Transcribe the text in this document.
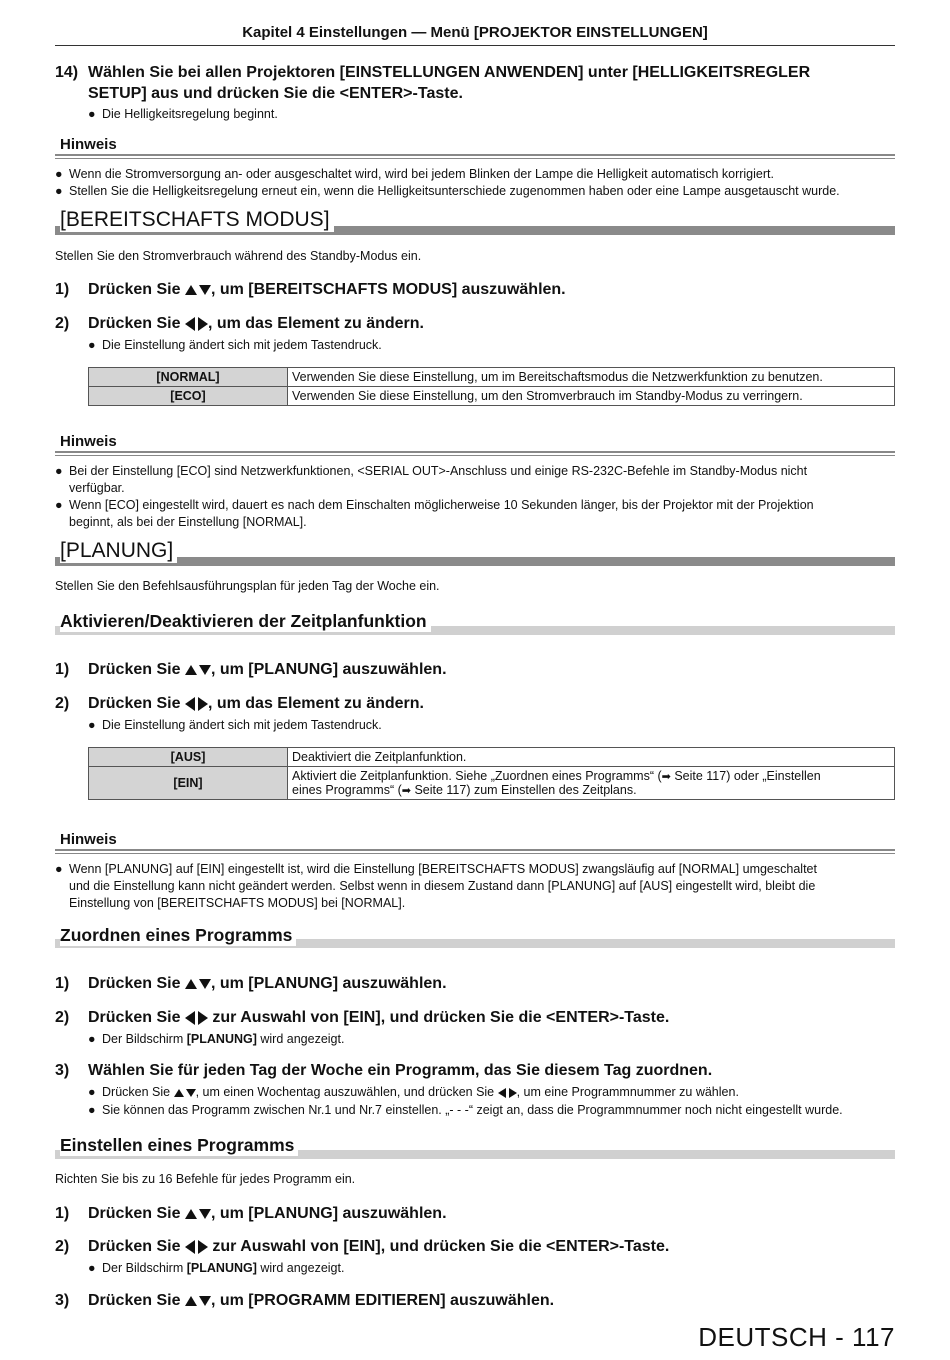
Kapitel 4 Einstellungen — Menü [PROJEKTOR EINSTELLUNGEN]
14) Wählen Sie bei allen Projektoren [EINSTELLUNGEN ANWENDEN] unter [HELLIGKEITSREGLER
SETUP] aus und drücken Sie die <ENTER>-Taste.
● Die Helligkeitsregelung beginnt.
Hinweis
● Wenn die Stromversorgung an- oder ausgeschaltet wird, wird bei jedem Blinken der Lampe die Helligkeit automatisch korrigiert.
● Stellen Sie die Helligkeitsregelung erneut ein, wenn die Helligkeitsunterschiede zugenommen haben oder eine Lampe ausgetauscht wurde.
[BEREITSCHAFTS MODUS]
Stellen Sie den Stromverbrauch während des Standby-Modus ein.
1) Drücken Sie , um [BEREITSCHAFTS MODUS] auszuwählen.
2) Drücken Sie , um das Element zu ändern.
● Die Einstellung ändert sich mit jedem Tastendruck.
[NORMAL]	Verwenden Sie diese Einstellung, um im Bereitschaftsmodus die Netzwerkfunktion zu benutzen.
[ECO]	Verwenden Sie diese Einstellung, um den Stromverbrauch im Standby-Modus zu verringern.
Hinweis
● Bei der Einstellung [ECO] sind Netzwerkfunktionen, <SERIAL OUT>-Anschluss und einige RS-232C-Befehle im Standby-Modus nicht
verfügbar.
● Wenn [ECO] eingestellt wird, dauert es nach dem Einschalten möglicherweise 10 Sekunden länger, bis der Projektor mit der Projektion
beginnt, als bei der Einstellung [NORMAL].
[PLANUNG]
Stellen Sie den Befehlsausführungsplan für jeden Tag der Woche ein.
Aktivieren/Deaktivieren der Zeitplanfunktion
1) Drücken Sie , um [PLANUNG] auszuwählen.
2) Drücken Sie , um das Element zu ändern.
● Die Einstellung ändert sich mit jedem Tastendruck.
[AUS]	Deaktiviert die Zeitplanfunktion.
[EIN]	Aktiviert die Zeitplanfunktion. Siehe „Zuordnen eines Programms“ (➡ Seite 117) oder „Einstellen
eines Programms“ (➡ Seite 117) zum Einstellen des Zeitplans.
Hinweis
● Wenn [PLANUNG] auf [EIN] eingestellt ist, wird die Einstellung [BEREITSCHAFTS MODUS] zwangsläufig auf [NORMAL] umgeschaltet
und die Einstellung kann nicht geändert werden. Selbst wenn in diesem Zustand dann [PLANUNG] auf [AUS] eingestellt wird, bleibt die
Einstellung von [BEREITSCHAFTS MODUS] bei [NORMAL].
Zuordnen eines Programms
1) Drücken Sie , um [PLANUNG] auszuwählen.
2) Drücken Sie  zur Auswahl von [EIN], und drücken Sie die <ENTER>-Taste.
● Der Bildschirm [PLANUNG] wird angezeigt.
3) Wählen Sie für jeden Tag der Woche ein Programm, das Sie diesem Tag zuordnen.
● Drücken Sie , um einen Wochentag auszuwählen, und drücken Sie , um eine Programmnummer zu wählen.
● Sie können das Programm zwischen Nr.1 und Nr.7 einstellen. „- - -“ zeigt an, dass die Programmnummer noch nicht eingestellt wurde.
Einstellen eines Programms
Richten Sie bis zu 16 Befehle für jedes Programm ein.
1) Drücken Sie , um [PLANUNG] auszuwählen.
2) Drücken Sie  zur Auswahl von [EIN], und drücken Sie die <ENTER>-Taste.
● Der Bildschirm [PLANUNG] wird angezeigt.
3) Drücken Sie , um [PROGRAMM EDITIEREN] auszuwählen.
DEUTSCH - 117
